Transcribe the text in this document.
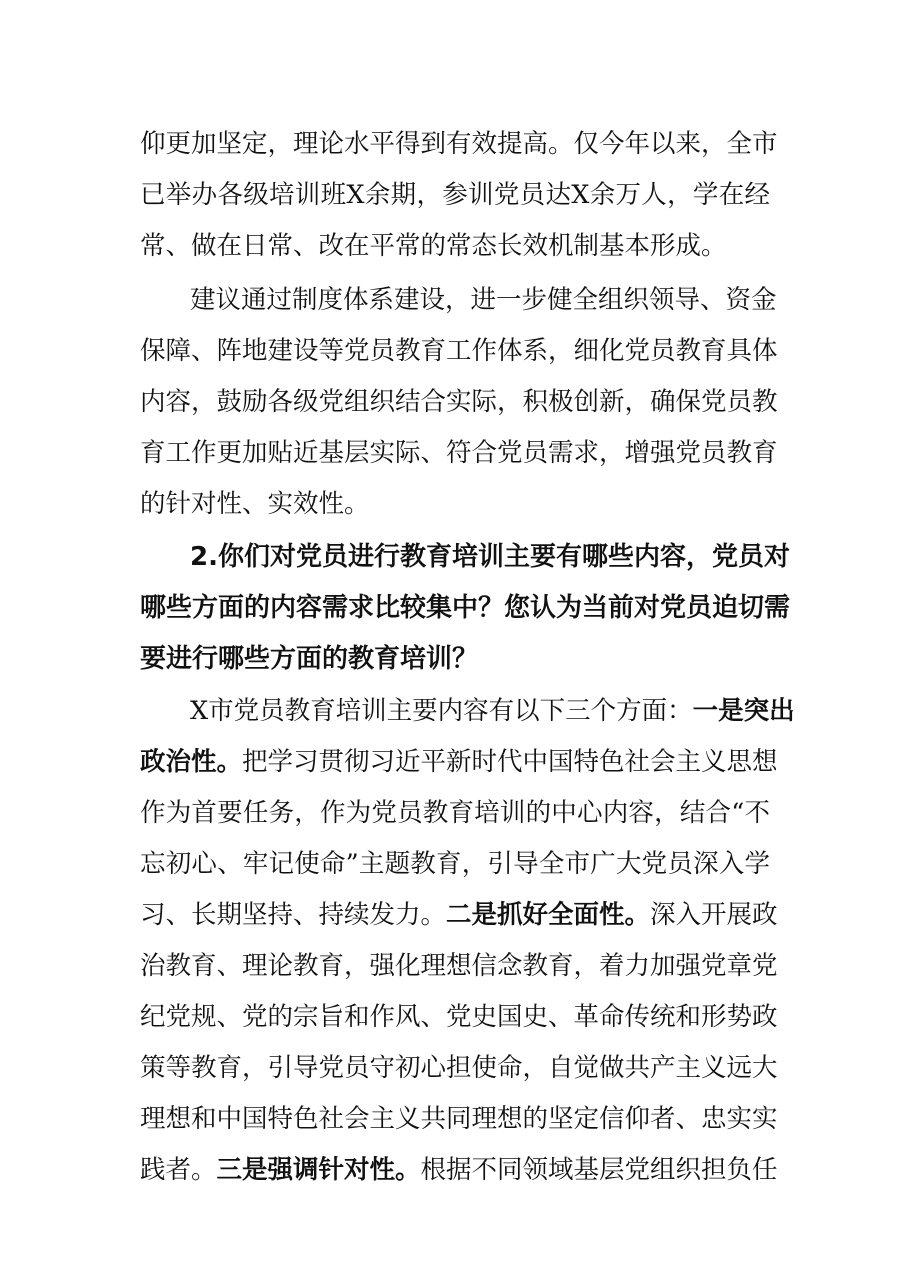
仰更加坚定，理论水平得到有效提高。仅今年以来，全市
已举办各级培训班X余期，参训党员达X余万人，学在经
常、做在日常、改在平常的常态长效机制基本形成。
建议通过制度体系建设，进一步健全组织领导、资金
保障、阵地建设等党员教育工作体系，细化党员教育具体
内容，鼓励各级党组织结合实际，积极创新，确保党员教
育工作更加贴近基层实际、符合党员需求，增强党员教育
的针对性、实效性。
2.你们对党员进行教育培训主要有哪些内容，党员对
哪些方面的内容需求比较集中？您认为当前对党员迫切需
要进行哪些方面的教育培训？
X市党员教育培训主要内容有以下三个方面：一是突出
政治性。把学习贯彻习近平新时代中国特色社会主义思想
作为首要任务，作为党员教育培训的中心内容，结合“不
忘初心、牢记使命”主题教育，引导全市广大党员深入学
习、长期坚持、持续发力。二是抓好全面性。深入开展政
治教育、理论教育，强化理想信念教育，着力加强党章党
纪党规、党的宗旨和作风、党史国史、革命传统和形势政
策等教育，引导党员守初心担使命，自觉做共产主义远大
理想和中国特色社会主义共同理想的坚定信仰者、忠实实
践者。三是强调针对性。根据不同领域基层党组织担负任
